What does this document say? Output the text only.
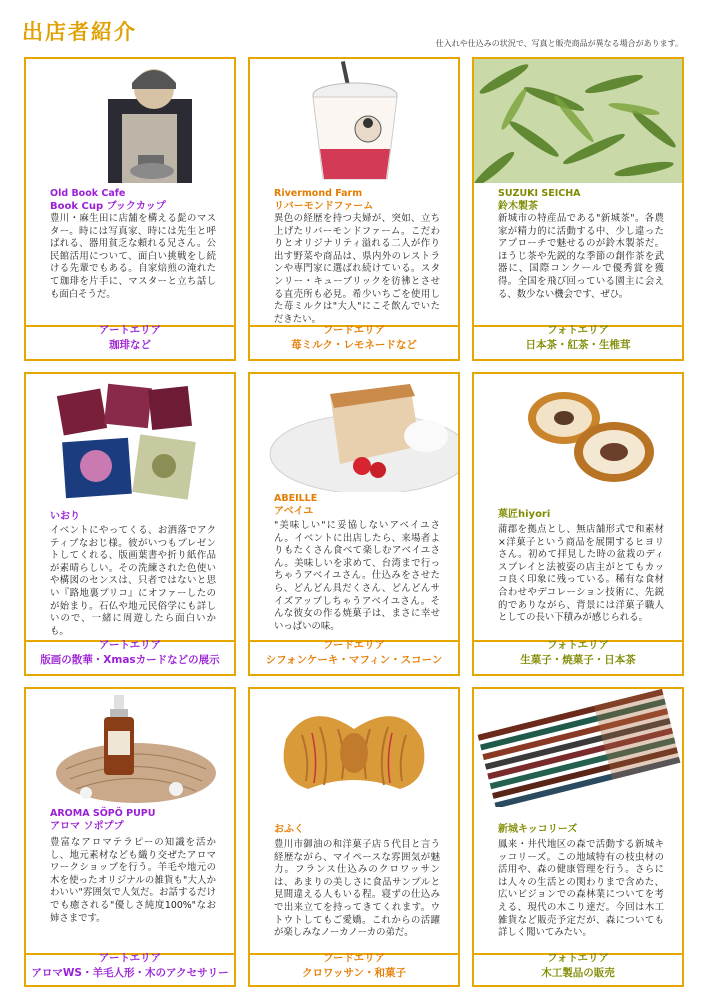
出店者紹介	仕入れや仕込みの状況で、写真と販売商品が異なる場合があります。
Old Book Cafe
Book Cup ブックカップ
豊川・麻生田に店舗を構える髭のマスター。時には写真家、時には先生と呼ばれる、器用貧乏な頼れる兄さん。公民館活用について、面白い挑戦をし続ける先輩でもある。自家焙煎の淹れたて珈琲を片手に、マスターと立ち話しも面白そうだ。
アートエリア
珈琲など
Rivermond Farm
リバーモンドファーム
異色の経歴を持つ夫婦が、突如、立ち上げたリバーモンドファーム。こだわりとオリジナリティ溢れる二人が作り出す野菜や商品は、県内外のレストランや専門家に選ばれ続けている。スタンリー・キューブリックを彷彿とさせる直売所も必見。希少いちごを使用した苺ミルクは"大人"にこそ飲んでいただきたい。
フードエリア
苺ミルク・レモネードなど
SUZUKI SEICHA
鈴木製茶
新城市の特産品である"新城茶"。各農家が精力的に活動する中、少し違ったアプローチで魅せるのが鈴木製茶だ。ほうじ茶や先鋭的な季節の創作茶を武器に、国際コンクールで優秀賞を獲得。全国を飛び回っている園主に会える、数少ない機会です、ぜひ。
フォトエリア
日本茶・紅茶・生椎茸
いおり
イベントにやってくる、お洒落でアクティブなおじ様。彼がいつもプレゼントしてくれる、版画葉書や折り紙作品が素晴らしい。その洗練された色使いや構図のセンスは、只者ではないと思い『路地裏プリコ』にオファーしたのが始まり。石仏や地元民俗学にも詳しいので、一緒に周遊したら面白いかも。
アートエリア
版画の散華・Xmasカードなどの展示
ABEILLE
アベイユ
"美味しい"に妥協しないアベイユさん。イベントに出店したら、来場者よりもたくさん食べて楽しむアベイユさん。美味しいを求めて、台湾まで行っちゃうアベイユさん。仕込みをさせたら、どんどん具だくさん、どんどんサイズアップしちゃうアベイユさん。そんな彼女の作る焼菓子は、まさに幸せいっぱいの味。
フードエリア
シフォンケーキ・マフィン・スコーン
菓匠hiyori
蒲郡を拠点とし、無店舗形式で和素材×洋菓子という商品を展開するヒヨリさん。初めて拝見した時の盆栽のディスプレイと法被姿の店主がとてもカッコ良く印象に残っている。稀有な食材合わせやデコレーション技術に、先鋭的でありながら、背景には洋菓子職人としての長い下積みが感じられる。
フォトエリア
生菓子・焼菓子・日本茶
AROMA SÖPÖ PUPU
アロマ ソポププ
豊富なアロマテラピーの知識を活かし、地元素材なども織り交ぜたアロマワークショップを行う。羊毛や地元の木を使ったオリジナルの雑貨も"大人かわいい"雰囲気で人気だ。お話するだけでも癒される"優しさ純度100%"なお姉さまです。
アートエリア
アロマWS・羊毛人形・木のアクセサリー
おふく
豊川市御油の和洋菓子店５代目と言う経歴ながら、マイペースな雰囲気が魅力。フランス仕込みのクロワッサンは、あまりの美しさに食品サンプルと見間違える人もいる程。寝ずの仕込みで出来立てを持ってきてくれます。ウトウトしてもご愛嬌。これからの活躍が楽しみなノーカノーカの弟だ。
フードエリア
クロワッサン・和菓子
新城キッコリーズ
鳳来・井代地区の森で活動する新城キッコリーズ。この地域特有の枝虫材の活用や、森の健康管理を行う。さらには人々の生活との関わりまで含めた、広いビジョンでの森林業についてを考える、現代の木こり達だ。今回は木工雑貨など販売予定だが、森についても詳しく聞いてみたい。
フォトエリア
木工製品の販売
